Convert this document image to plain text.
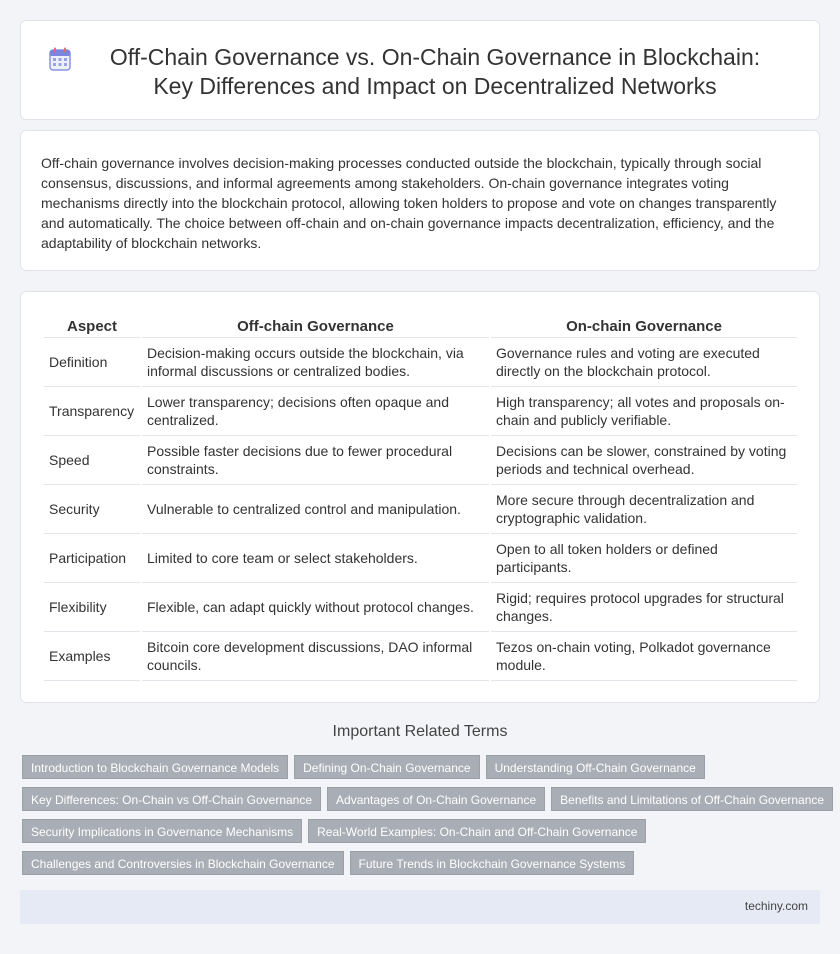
Off-Chain Governance vs. On-Chain Governance in Blockchain: Key Differences and Impact on Decentralized Networks

Off-chain governance involves decision-making processes conducted outside the blockchain, typically through social consensus, discussions, and informal agreements among stakeholders. On-chain governance integrates voting mechanisms directly into the blockchain protocol, allowing token holders to propose and vote on changes transparently and automatically. The choice between off-chain and on-chain governance impacts decentralization, efficiency, and the adaptability of blockchain networks.

Aspect	Off-chain Governance	On-chain Governance
Definition	Decision-making occurs outside the blockchain, via informal discussions or centralized bodies.	Governance rules and voting are executed directly on the blockchain protocol.
Transparency	Lower transparency; decisions often opaque and centralized.	High transparency; all votes and proposals on-chain and publicly verifiable.
Speed	Possible faster decisions due to fewer procedural constraints.	Decisions can be slower, constrained by voting periods and technical overhead.
Security	Vulnerable to centralized control and manipulation.	More secure through decentralization and cryptographic validation.
Participation	Limited to core team or select stakeholders.	Open to all token holders or defined participants.
Flexibility	Flexible, can adapt quickly without protocol changes.	Rigid; requires protocol upgrades for structural changes.
Examples	Bitcoin core development discussions, DAO informal councils.	Tezos on-chain voting, Polkadot governance module.
Important Related Terms
Introduction to Blockchain Governance Models	Defining On-Chain Governance	Understanding Off-Chain Governance
Key Differences: On-Chain vs Off-Chain Governance	Advantages of On-Chain Governance	Benefits and Limitations of Off-Chain Governance
Security Implications in Governance Mechanisms	Real-World Examples: On-Chain and Off-Chain Governance
Challenges and Controversies in Blockchain Governance	Future Trends in Blockchain Governance Systems
techiny.com
